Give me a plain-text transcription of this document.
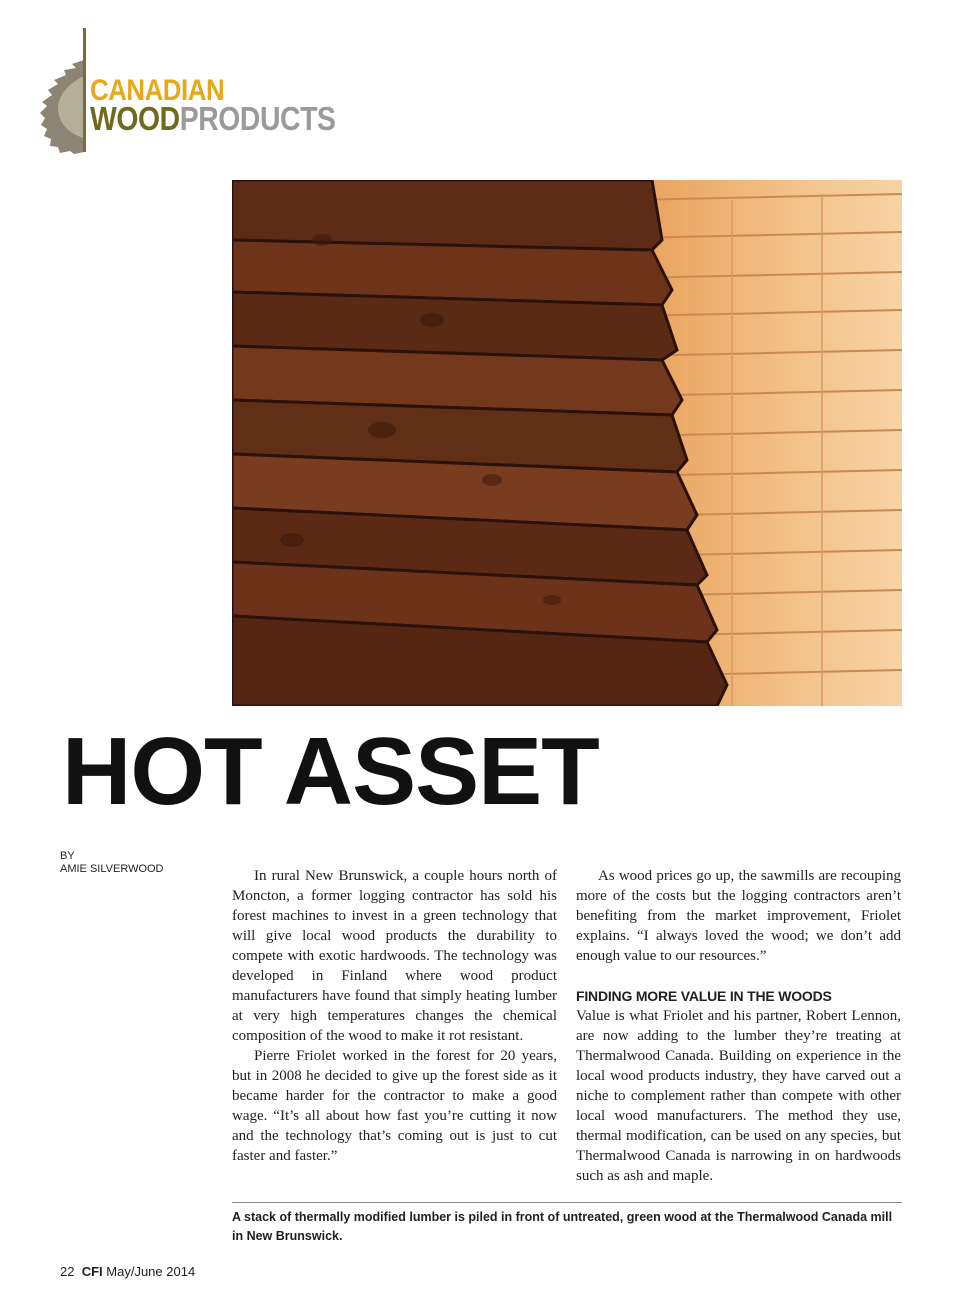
CANADIAN
WOODPRODUCTS
HOT ASSET
BY
AMIE SILVERWOOD	In rural New Brunswick, a couple hours north of Moncton, a former logging contractor has sold his forest machines to invest in a green technology that will give local wood products the durability to compete with exotic hardwoods. The technology was developed in Finland where wood product manufacturers have found that simply heating lumber at very high temperatures changes the chemical composition of the wood to make it rot resistant.

Pierre Friolet worked in the forest for 20 years, but in 2008 he decided to give up the forest side as it became harder for the contractor to make a good wage. “It’s all about how fast you’re cutting it now and the technology that’s coming out is just to cut faster and faster.”

As wood prices go up, the sawmills are recouping more of the costs but the logging contractors aren’t benefiting from the market improvement, Friolet explains. “I always loved the wood; we don’t add enough value to our resources.”

FINDING MORE VALUE IN THE WOODS

Value is what Friolet and his partner, Robert Lennon, are now adding to the lumber they’re treating at Thermalwood Canada. Building on experience in the local wood products industry, they have carved out a niche to complement rather than compete with other local wood manufacturers. The method they use, thermal modification, can be used on any species, but Thermalwood Canada is narrowing in on hardwoods such as ash and maple.

A stack of thermally modified lumber is piled in front of untreated, green wood at the Thermalwood Canada mill in New Brunswick.
22 CFI May/June 2014
